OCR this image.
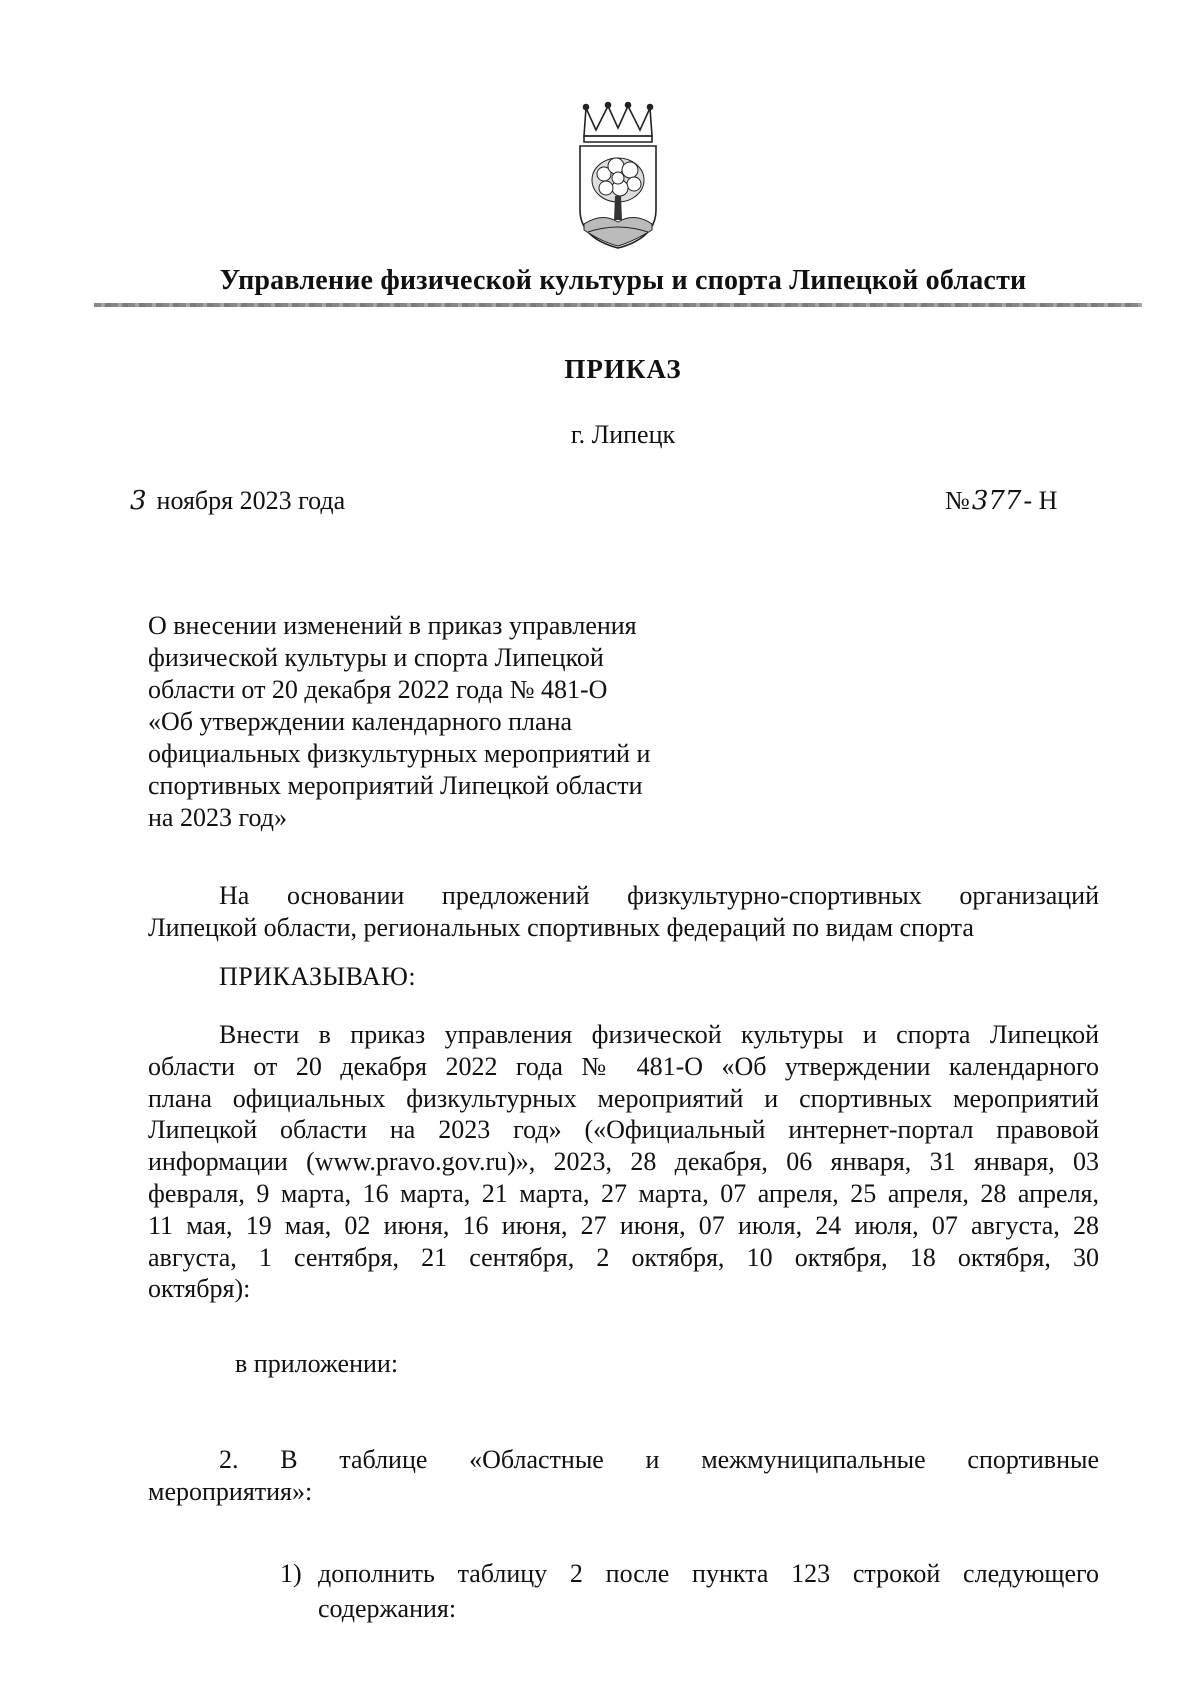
Управление физической культуры и спорта Липецкой области
ПРИКАЗ
г. Липецк
3 ноября 2023 года	№377- Н
О внесении изменений в приказ управления
физической культуры и спорта Липецкой
области от 20 декабря 2022 года № 481-О
«Об утверждении календарного плана
официальных физкультурных мероприятий и
спортивных мероприятий Липецкой области
на 2023 год»
На основании предложений физкультурно-спортивных организаций
Липецкой области, региональных спортивных федераций по видам спорта
ПРИКАЗЫВАЮ:
Внести в приказ управления физической культуры и спорта Липецкой
области от 20 декабря 2022 года № 481-О «Об утверждении календарного
плана официальных физкультурных мероприятий и спортивных мероприятий
Липецкой области на 2023 год» («Официальный интернет-портал правовой
информации (www.pravo.gov.ru)», 2023, 28 декабря, 06 января, 31 января, 03
февраля, 9 марта, 16 марта, 21 марта, 27 марта, 07 апреля, 25 апреля, 28 апреля,
11 мая, 19 мая, 02 июня, 16 июня, 27 июня, 07 июля, 24 июля, 07 августа, 28
августа, 1 сентября, 21 сентября, 2 октября, 10 октября, 18 октября, 30
октября):
в приложении:
2. В таблице «Областные и межмуниципальные спортивные
мероприятия»:
1) дополнить таблицу 2 после пункта 123 строкой следующего
содержания:
